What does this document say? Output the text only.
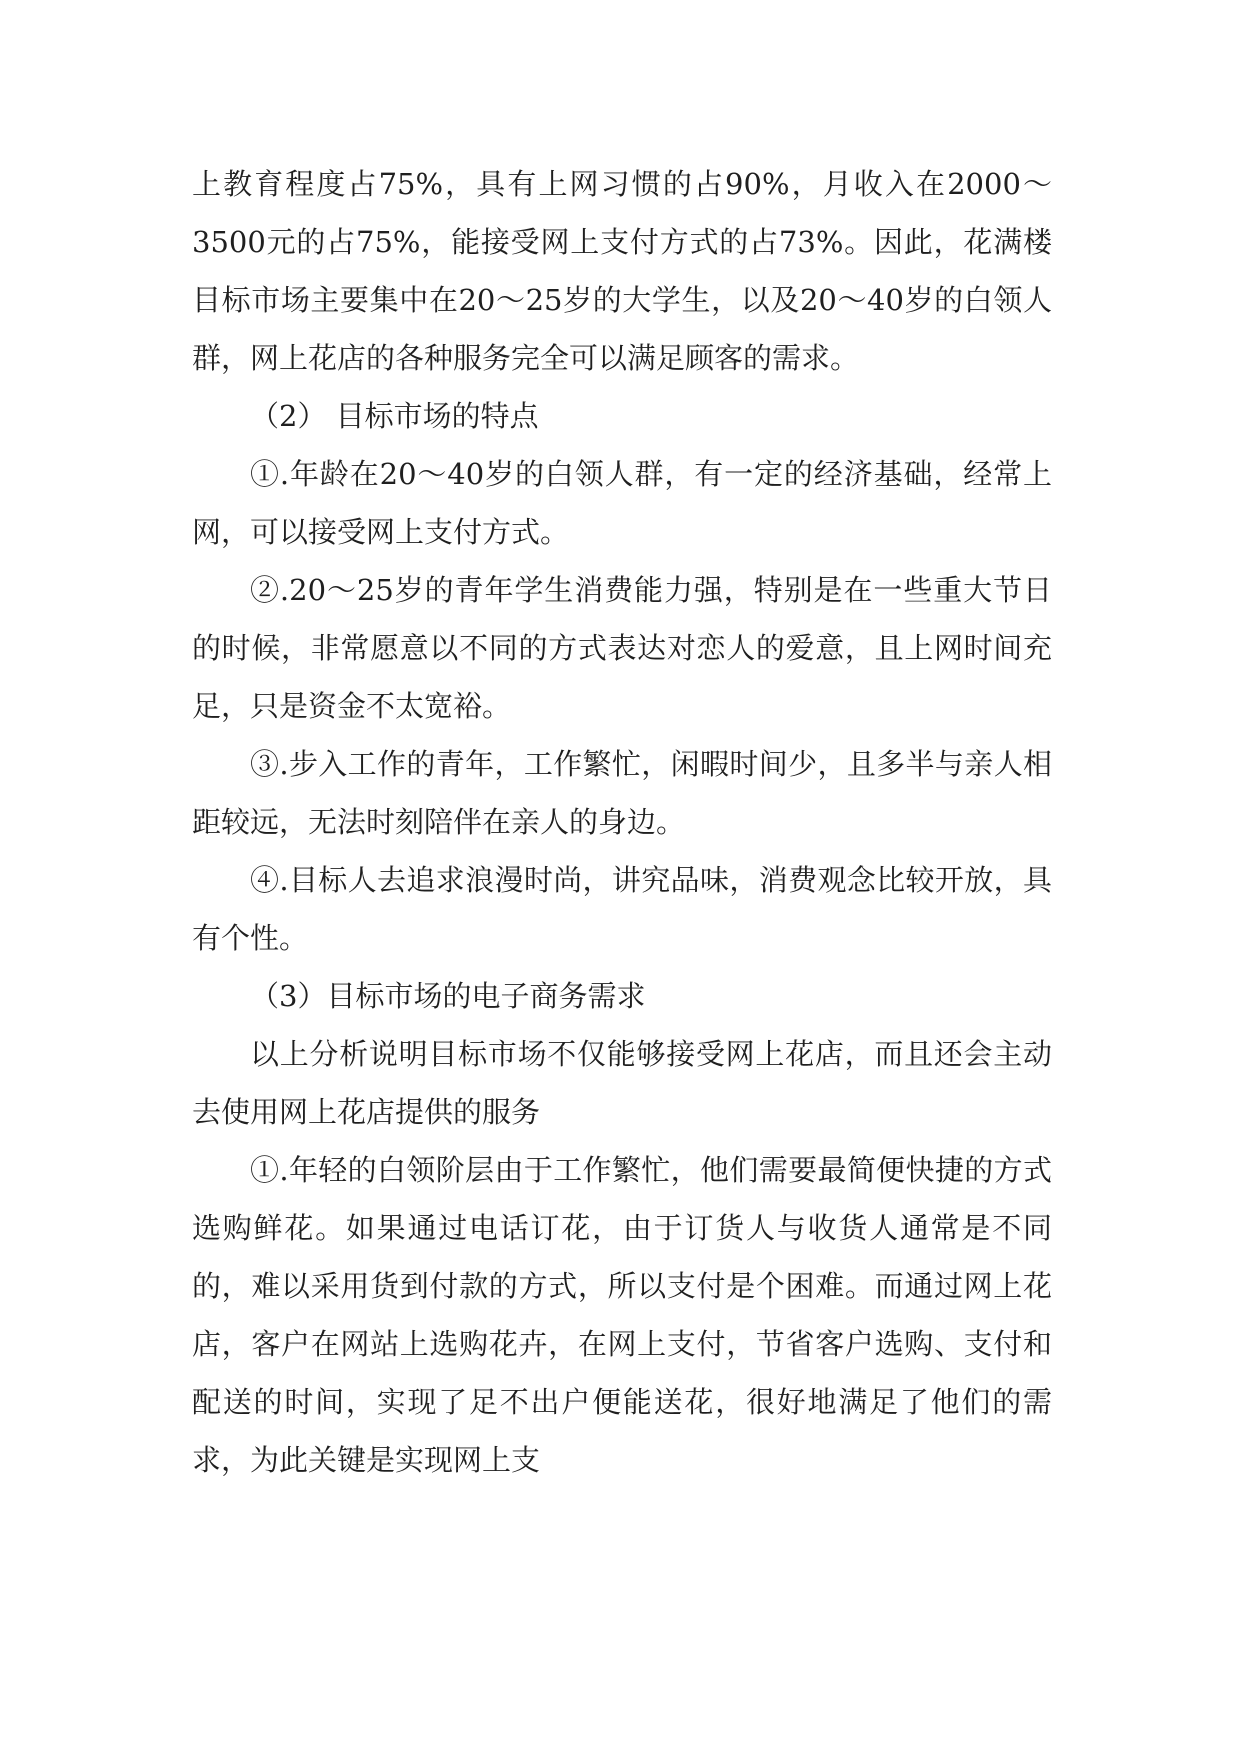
上教育程度占75%，具有上网习惯的占90%，月收入在2000～3500元的占75%，能接受网上支付方式的占73%。因此，花满楼目标市场主要集中在20～25岁的大学生，以及20～40岁的白领人群，网上花店的各种服务完全可以满足顾客的需求。

（2） 目标市场的特点

①.年龄在20～40岁的白领人群，有一定的经济基础，经常上网，可以接受网上支付方式。

②.20～25岁的青年学生消费能力强，特别是在一些重大节日的时候，非常愿意以不同的方式表达对恋人的爱意，且上网时间充足，只是资金不太宽裕。

③.步入工作的青年，工作繁忙，闲暇时间少，且多半与亲人相距较远，无法时刻陪伴在亲人的身边。

④.目标人去追求浪漫时尚，讲究品味，消费观念比较开放，具有个性。

（3）目标市场的电子商务需求

以上分析说明目标市场不仅能够接受网上花店，而且还会主动去使用网上花店提供的服务

①.年轻的白领阶层由于工作繁忙，他们需要最简便快捷的方式选购鲜花。如果通过电话订花，由于订货人与收货人通常是不同的，难以采用货到付款的方式，所以支付是个困难。而通过网上花店，客户在网站上选购花卉，在网上支付，节省客户选购、支付和配送的时间，实现了足不出户便能送花，很好地满足了他们的需求，为此关键是实现网上支
